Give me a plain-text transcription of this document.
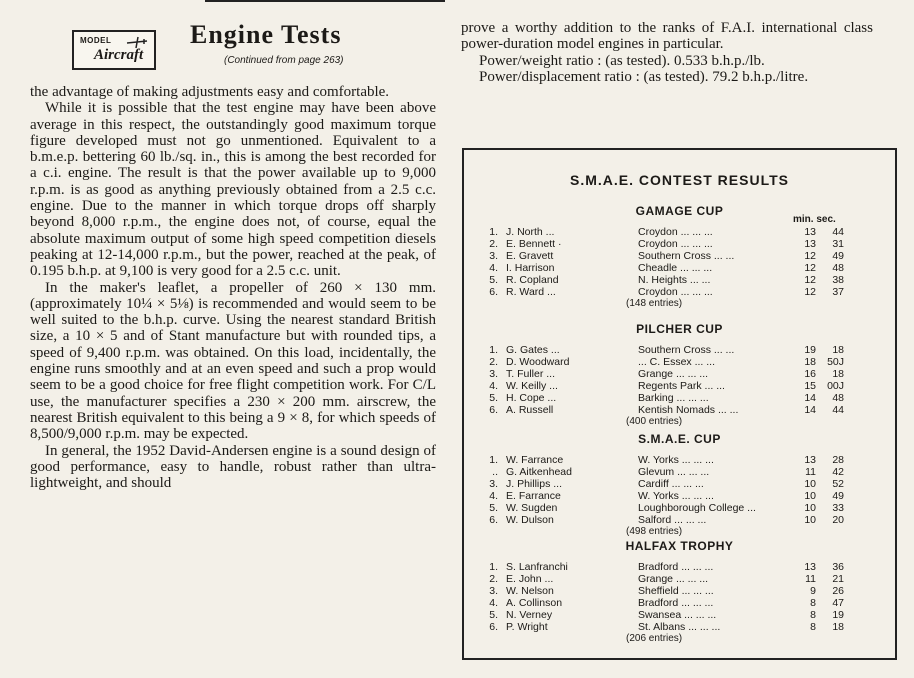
MODEL
Aircraft
Engine Tests
(Continued from page 263)

the advantage of making adjustments easy and comfortable.

While it is possible that the test engine may have been above average in this respect, the outstandingly good maximum torque figure developed must not go unmentioned. Equivalent to a b.m.e.p. bettering 60 lb./sq. in., this is among the best recorded for a c.i. engine. The result is that the power available up to 9,000 r.p.m. is as good as anything previously obtained from a 2.5 c.c. engine. Due to the manner in which torque drops off sharply beyond 8,000 r.p.m., the engine does not, of course, equal the absolute maximum output of some high speed competition diesels peaking at 12-14,000 r.p.m., but the power, reached at the peak, of 0.195 b.h.p. at 9,100 is very good for a 2.5 c.c. unit.

In the maker's leaflet, a propeller of 260 × 130 mm. (approximately 10¼ × 5⅛) is recommended and would seem to be well suited to the b.h.p. curve. Using the nearest standard British size, a 10 × 5 and of Stant manufacture but with rounded tips, a speed of 9,400 r.p.m. was obtained. On this load, incidentally, the engine runs smoothly and at an even speed and such a prop would seem to be a good choice for free flight competition work. For C/L use, the manufacturer specifies a 230 × 200 mm. airscrew, the nearest British equivalent to this being a 9 × 8, for which speeds of 8,500/9,000 r.p.m. may be expected.

In general, the 1952 David-Andersen engine is a sound design of good performance, easy to handle, robust rather than ultra-lightweight, and should

prove a worthy addition to the ranks of F.A.I. international class power-duration model engines in particular.

Power/weight ratio : (as tested). 0.533 b.h.p./lb.

Power/displacement ratio : (as tested). 79.2 b.h.p./litre.

S.M.A.E. CONTEST RESULTS
min. sec.
GAMAGE CUP
1. J. North ...	Croydon ... ... ...	13	44
2. E. Bennett ·	Croydon ... ... ...	13	31
3. E. Gravett	Southern Cross ... ...	12	49
4. I. Harrison	Cheadle ... ... ...	12	48
5. R. Copland	N. Heights ... ...	12	38
6. R. Ward ...	Croydon ... ... ...	12	37
(148 entries)
PILCHER CUP
1. G. Gates ...	Southern Cross ... ...	19	18
2. D. Woodward	... C. Essex ... ...	18 50J
3. T. Fuller ...	Grange ... ... ...	16	18
4. W. Keilly ...	Regents Park ... ...	15 00J
5. H. Cope ...	Barking ... ... ...	14	48
6. A. Russell	Kentish Nomads ... ...	14	44
(400 entries)
S.M.A.E. CUP
1. W. Farrance	W. Yorks ... ... ...	13	28
.. G. Aitkenhead	Glevum ... ... ...	11	42
3. J. Phillips ...	Cardiff ... ... ...	10	52
4. E. Farrance	W. Yorks ... ... ...	10	49
5. W. Sugden	Loughborough College ...	10	33
6. W. Dulson	Salford ... ... ...	10	20
(498 entries)
HALFAX TROPHY
1. S. Lanfranchi	Bradford ... ... ...	13	36
2. E. John ...	Grange ... ... ...	11	21
3. W. Nelson	Sheffield ... ... ...	9	26
4. A. Collinson	Bradford ... ... ...	8	47
5. N. Verney	Swansea ... ... ...	8	19
6. P. Wright	St. Albans ... ... ...	8	18
(206 entries)
